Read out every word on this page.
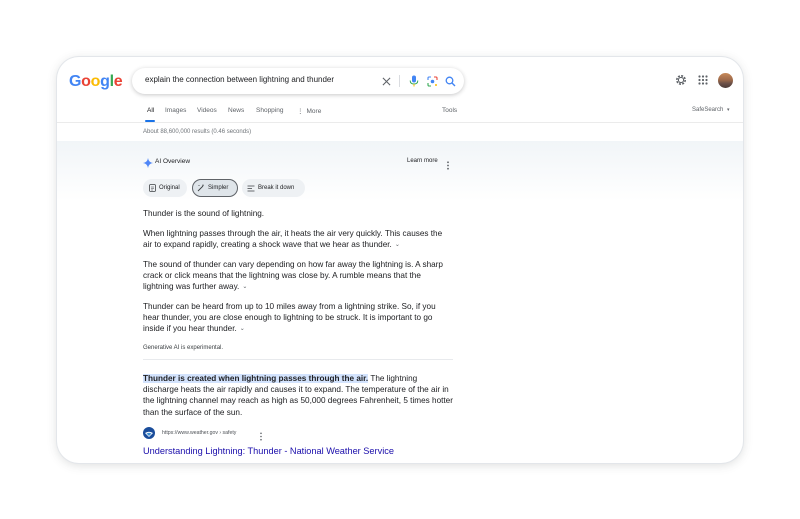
Google	explain the connection between lightning and thunder
All Images Videos News Shopping ⋮ More	Tools	SafeSearch ▾
About 88,600,000 results (0.46 seconds)
AI Overview	Learn more
Original	Simpler	Break it down

Thunder is the sound of lightning.

When lightning passes through the air, it heats the air very quickly. This causes the air to expand rapidly, creating a shock wave that we hear as thunder. ⌄

The sound of thunder can vary depending on how far away the lightning is. A sharp crack or click means that the lightning was close by. A rumble means that the lightning was further away. ⌄

Thunder can be heard from up to 10 miles away from a lightning strike. So, if you hear thunder, you are close enough to lightning to be struck. It is important to go inside if you hear thunder. ⌄

Generative AI is experimental.

Thunder is created when lightning passes through the air. The lightning discharge heats the air rapidly and causes it to expand. The temperature of the air in the lightning channel may reach as high as 50,000 degrees Fahrenheit, 5 times hotter than the surface of the sun.

https://www.weather.gov › safety
Understanding Lightning: Thunder - National Weather Service
